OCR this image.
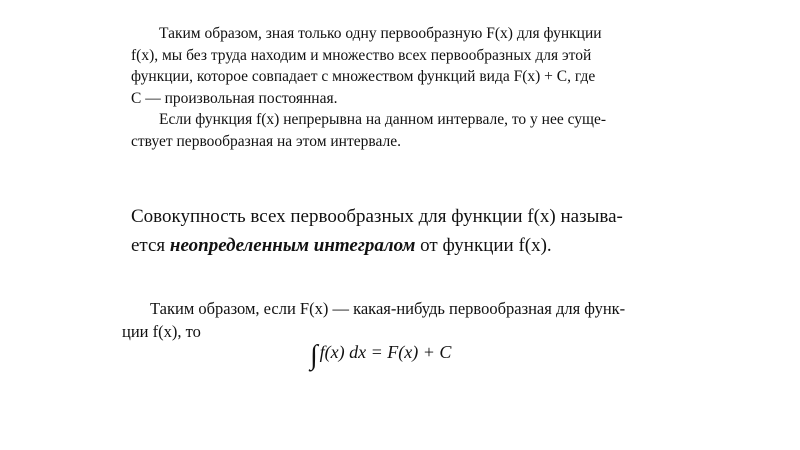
Таким образом, зная только одну первообразную F(x) для функции
f(x), мы без труда находим и множество всех первообразных для этой
функции, которое совпадает с множеством функций вида F(x) + C, где
C — произвольная постоянная.
Если функция f(x) непрерывна на данном интервале, то у нее суще-
ствует первообразная на этом интервале.
Совокупность всех первообразных для функции f(x) называ-
ется неопределенным интегралом от функции f(x).
Таким образом, если F(x) — какая-нибудь первообразная для функ-
ции f(x), то
∫ f(x) dx = F(x) + C
